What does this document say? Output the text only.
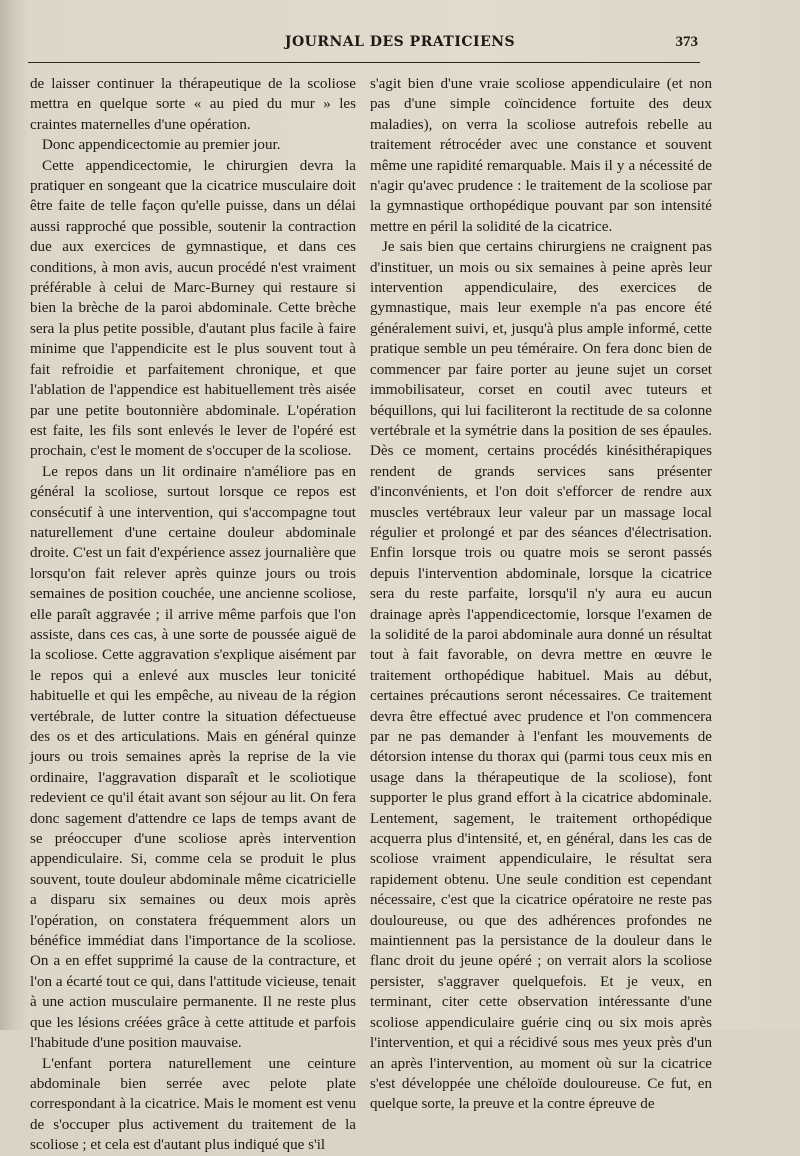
JOURNAL DES PRATICIENS	373

de laisser continuer la thérapeutique de la scoliose mettra en quelque sorte « au pied du mur » les craintes maternelles d'une opération.

Donc appendicectomie au premier jour.

Cette appendicectomie, le chirurgien devra la pratiquer en songeant que la cicatrice musculaire doit être faite de telle façon qu'elle puisse, dans un délai aussi rapproché que possible, soutenir la contraction due aux exercices de gymnastique, et dans ces conditions, à mon avis, aucun procédé n'est vraiment préférable à celui de Marc-Burney qui restaure si bien la brèche de la paroi abdominale. Cette brèche sera la plus petite possible, d'autant plus facile à faire minime que l'appendicite est le plus souvent tout à fait refroidie et parfaitement chronique, et que l'ablation de l'appendice est habituellement très aisée par une petite boutonnière abdominale. L'opération est faite, les fils sont enlevés le lever de l'opéré est prochain, c'est le moment de s'occuper de la scoliose.

Le repos dans un lit ordinaire n'améliore pas en général la scoliose, surtout lorsque ce repos est consécutif à une intervention, qui s'accompagne tout naturellement d'une certaine douleur abdominale droite. C'est un fait d'expérience assez journalière que lorsqu'on fait relever après quinze jours ou trois semaines de position couchée, une ancienne scoliose, elle paraît aggravée ; il arrive même parfois que l'on assiste, dans ces cas, à une sorte de poussée aiguë de la scoliose. Cette aggravation s'explique aisément par le repos qui a enlevé aux muscles leur tonicité habituelle et qui les empêche, au niveau de la région vertébrale, de lutter contre la situation défectueuse des os et des articulations. Mais en général quinze jours ou trois semaines après la reprise de la vie ordinaire, l'aggravation disparaît et le scoliotique redevient ce qu'il était avant son séjour au lit. On fera donc sagement d'attendre ce laps de temps avant de se préoccuper d'une scoliose après intervention appendiculaire. Si, comme cela se produit le plus souvent, toute douleur abdominale même cicatricielle a disparu six semaines ou deux mois après l'opération, on constatera fréquemment alors un bénéfice immédiat dans l'importance de la scoliose. On a en effet supprimé la cause de la contracture, et l'on a écarté tout ce qui, dans l'attitude vicieuse, tenait à une action musculaire permanente. Il ne reste plus que les lésions créées grâce à cette attitude et parfois l'habitude d'une position mauvaise.

L'enfant portera naturellement une ceinture abdominale bien serrée avec pelote plate correspondant à la cicatrice. Mais le moment est venu de s'occuper plus activement du traitement de la scoliose ; et cela est d'autant plus indiqué que s'il

s'agit bien d'une vraie scoliose appendiculaire (et non pas d'une simple coïncidence fortuite des deux maladies), on verra la scoliose autrefois rebelle au traitement rétrocéder avec une constance et souvent même une rapidité remarquable. Mais il y a nécessité de n'agir qu'avec prudence : le traitement de la scoliose par la gymnastique orthopédique pouvant par son intensité mettre en péril la solidité de la cicatrice.

Je sais bien que certains chirurgiens ne craignent pas d'instituer, un mois ou six semaines à peine après leur intervention appendiculaire, des exercices de gymnastique, mais leur exemple n'a pas encore été généralement suivi, et, jusqu'à plus ample informé, cette pratique semble un peu téméraire. On fera donc bien de commencer par faire porter au jeune sujet un corset immobilisateur, corset en coutil avec tuteurs et béquillons, qui lui faciliteront la rectitude de sa colonne vertébrale et la symétrie dans la position de ses épaules. Dès ce moment, certains procédés kinésithérapiques rendent de grands services sans présenter d'inconvénients, et l'on doit s'efforcer de rendre aux muscles vertébraux leur valeur par un massage local régulier et prolongé et par des séances d'électrisation. Enfin lorsque trois ou quatre mois se seront passés depuis l'intervention abdominale, lorsque la cicatrice sera du reste parfaite, lorsqu'il n'y aura eu aucun drainage après l'appendicectomie, lorsque l'examen de la solidité de la paroi abdominale aura donné un résultat tout à fait favorable, on devra mettre en œuvre le traitement orthopédique habituel. Mais au début, certaines précautions seront nécessaires. Ce traitement devra être effectué avec prudence et l'on commencera par ne pas demander à l'enfant les mouvements de détorsion intense du thorax qui (parmi tous ceux mis en usage dans la thérapeutique de la scoliose), font supporter le plus grand effort à la cicatrice abdominale. Lentement, sagement, le traitement orthopédique acquerra plus d'intensité, et, en général, dans les cas de scoliose vraiment appendiculaire, le résultat sera rapidement obtenu. Une seule condition est cependant nécessaire, c'est que la cicatrice opératoire ne reste pas douloureuse, ou que des adhérences profondes ne maintiennent pas la persistance de la douleur dans le flanc droit du jeune opéré ; on verrait alors la scoliose persister, s'aggraver quelquefois. Et je veux, en terminant, citer cette observation intéressante d'une scoliose appendiculaire guérie cinq ou six mois après l'intervention, et qui a récidivé sous mes yeux près d'un an après l'intervention, au moment où sur la cicatrice s'est développée une chéloïde douloureuse. Ce fut, en quelque sorte, la preuve et la contre épreuve de
